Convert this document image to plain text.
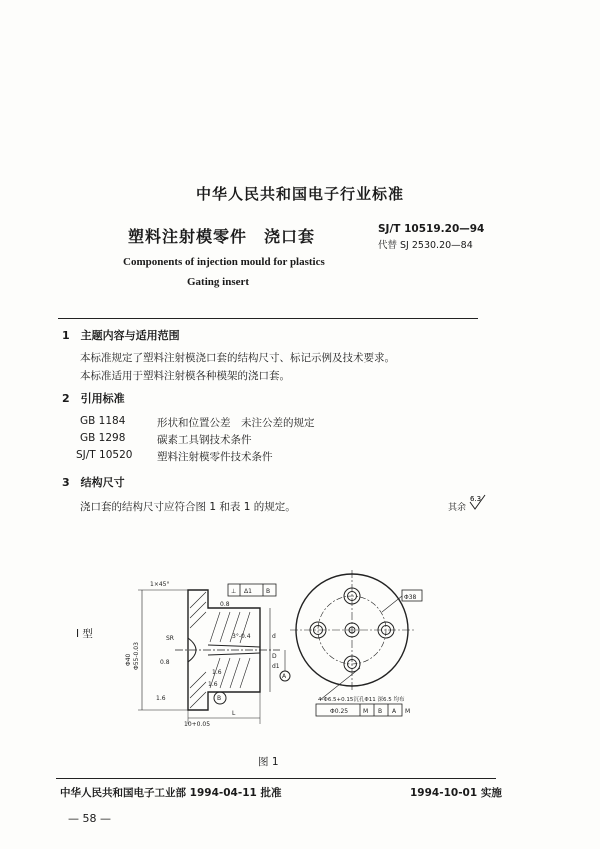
中华人民共和国电子行业标准
塑料注射模零件　浇口套	SJ/T 10519.20—94
代替 SJ 2530.20—84
Components of injection mould for plastics
Gating insert
1　主题内容与适用范围
本标准规定了塑料注射模浇口套的结构尺寸、标记示例及技术要求。
本标准适用于塑料注射模各种模架的浇口套。
2　引用标准
GB 1184	形状和位置公差　未注公差的规定
GB 1298	碳素工具钢技术条件
SJ/T 10520 塑料注射模零件技术条件
3　结构尺寸
浇口套的结构尺寸应符合图 1 和表 1 的规定。	其余
6.3
I 型
1×45°
0.8
SR	3°-0.4
0.8
1.6
1.6
1.6
d
D
L
10+0.05
d1
A
B
Φ40 Φ55-0.03
⊥ Δ1 B
4-Φ6.5+0.15沉孔Φ11 深6.5 均布
Φ0.25 M B A M
Φ38
图 1
中华人民共和国电子工业部 1994-04-11 批准	1994-10-01 实施
— 58 —
